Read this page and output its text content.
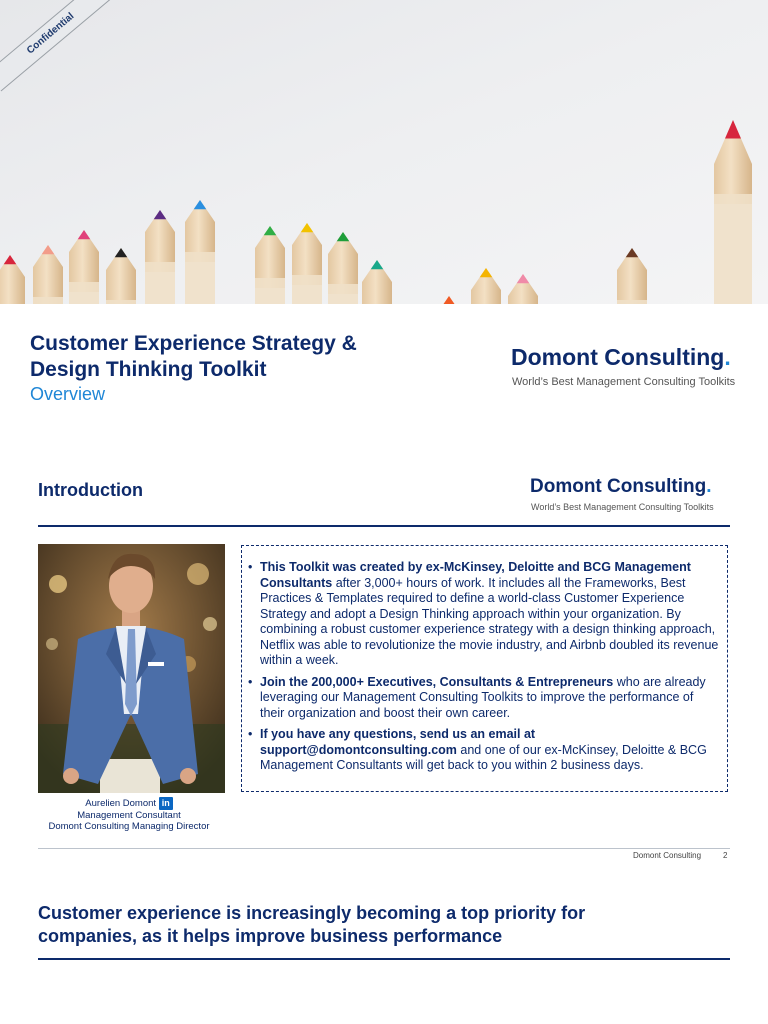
Confidential
Customer Experience Strategy & Design Thinking Toolkit
Overview
Domont Consulting.
World’s Best Management Consulting Toolkits
Introduction	Domont Consulting.
World’s Best Management Consulting Toolkits
Aurelien Domont in
Management Consultant
Domont Consulting Managing Director
• This Toolkit was created by ex-McKinsey, Deloitte and BCG Management Consultants after 3,000+ hours of work. It includes all the Frameworks, Best Practices & Templates required to define a world-class Customer Experience Strategy and adopt a Design Thinking approach within your organization. By combining a robust customer experience strategy with a design thinking approach, Netflix was able to revolutionize the movie industry, and Airbnb doubled its revenue within a week.
• Join the 200,000+ Executives, Consultants & Entrepreneurs who are already leveraging our Management Consulting Toolkits to improve the performance of their organization and boost their own career.
• If you have any questions, send us an email at support@domontconsulting.com and one of our ex-McKinsey, Deloitte & BCG Management Consultants will get back to you within 2 business days.
Domont Consulting	2
Customer experience is increasingly becoming a top priority for companies, as it helps improve business performance
